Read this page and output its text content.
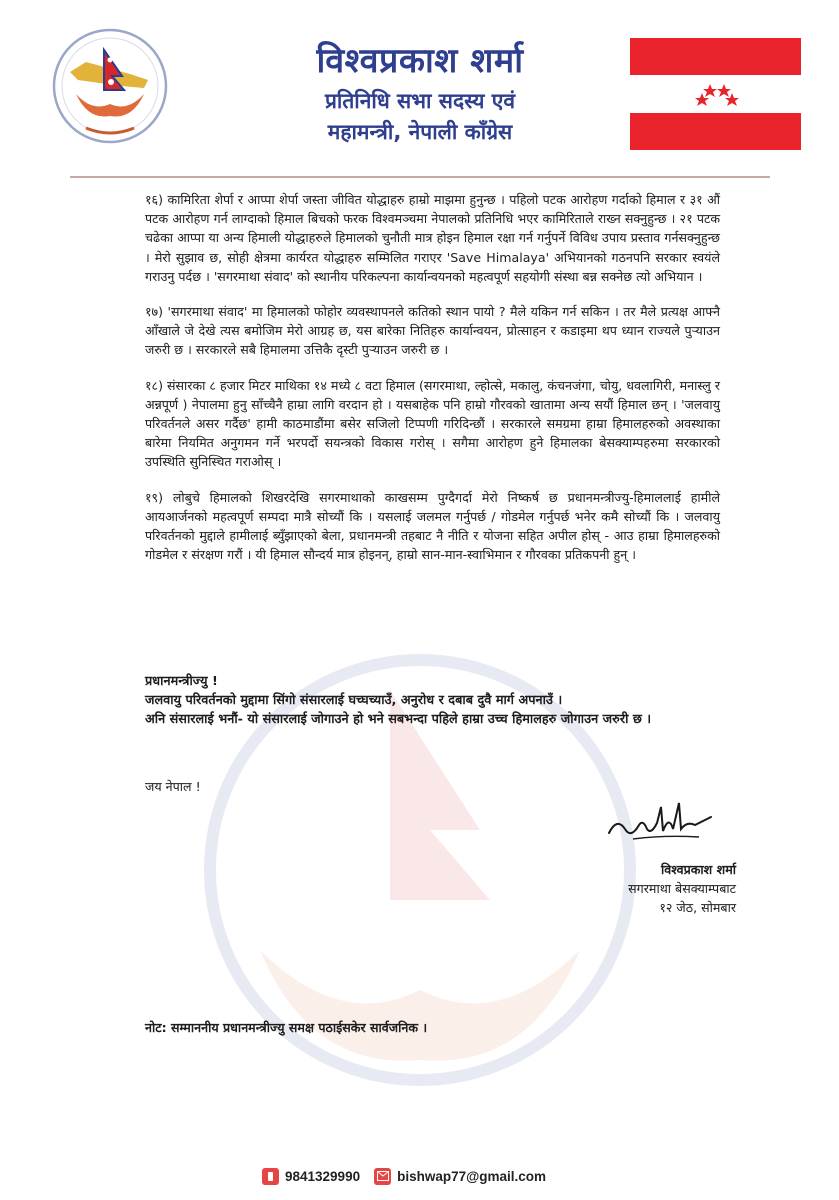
विश्वप्रकाश शर्मा
प्रतिनिधि सभा सदस्य एवं
महामन्त्री, नेपाली काँग्रेस

१६) कामिरिता शेर्पा र आप्पा शेर्पा जस्ता जीवित योद्धाहरु हाम्रो माझमा हुनुन्छ । पहिलो पटक आरोहण गर्दाको हिमाल र ३१ औं पटक आरोहण गर्न लाग्दाको हिमाल बिचको फरक विश्वमञ्चमा नेपालको प्रतिनिधि भएर कामिरिताले राख्न सक्नुहुन्छ । २१ पटक चढेका आप्पा या अन्य हिमाली योद्धाहरुले हिमालको चुनौती मात्र होइन हिमाल रक्षा गर्न गर्नुपर्ने विविध उपाय प्रस्ताव गर्नसक्नुहुन्छ । मेरो सुझाव छ, सोही क्षेत्रमा कार्यरत योद्धाहरु सम्मिलित गराएर 'Save Himalaya' अभियानको गठनपनि सरकार स्वयंले गराउनु पर्दछ । 'सगरमाथा संवाद' को स्थानीय परिकल्पना कार्यान्वयनको महत्वपूर्ण सहयोगी संस्था बन्न सक्नेछ त्यो अभियान ।

१७) 'सगरमाथा संवाद' मा हिमालको फोहोर व्यवस्थापनले कतिको स्थान पायो ? मैले यकिन गर्न सकिन । तर मैले प्रत्यक्ष आफ्नै आँखाले जे देखे त्यस बमोजिम मेरो आग्रह छ, यस बारेका नितिहरु कार्यान्वयन, प्रोत्साहन र कडाइमा थप ध्यान राज्यले पुऱ्याउन जरुरी छ । सरकारले सबै हिमालमा उत्तिकै दृस्टी पुऱ्याउन जरुरी छ ।

१८) संसारका ८ हजार मिटर माथिका १४ मध्ये ८ वटा हिमाल (सगरमाथा, ल्होत्से, मकालु, कंचनजंगा, चोयु, धवलागिरी, मनास्लु र अन्नपूर्ण ) नेपालमा हुनु साँच्चैनै हाम्रा लागि वरदान हो । यसबाहेक पनि हाम्रो गौरवको खातामा अन्य सयौं हिमाल छन् । 'जलवायु परिवर्तनले असर गर्दैछ' हामी काठमाडौंमा बसेर सजिलो टिप्पणी गरिदिन्छौं । सरकारले समग्रमा हाम्रा हिमालहरुको अवस्थाका बारेमा नियमित अनुगमन गर्ने भरपर्दो सयन्त्रको विकास गरोस् । सगैमा आरोहण हुने हिमालका बेसक्याम्पहरुमा सरकारको उपस्थिति सुनिस्चित गराओस् ।

१९) लोबुचे हिमालको शिखरदेखि सगरमाथाको काखसम्म पुग्दैगर्दा मेरो निष्कर्ष छ प्रधानमन्त्रीज्यु-हिमाललाई हामीले आयआर्जनको महत्वपूर्ण सम्पदा मात्रै सोच्यौं कि । यसलाई जलमल गर्नुपर्छ / गोडमेल गर्नुपर्छ भनेर कमै सोच्यौं कि । जलवायु परिवर्तनको मुद्दाले हामीलाई ब्युँझाएको बेला, प्रधानमन्त्री तहबाट नै नीति र योजना सहित अपील होस् - आउ हाम्रा हिमालहरुको गोडमेल र संरक्षण गरौं । यी हिमाल सौन्दर्य मात्र होइनन्, हाम्रो सान-मान-स्वाभिमान र गौरवका प्रतिकपनी हुन् ।

प्रधानमन्त्रीज्यु !
जलवायु परिवर्तनको मुद्दामा सिंगो संसारलाई घच्घच्याउँ, अनुरोध र दबाब दुवै मार्ग अपनाउँ ।
अनि संसारलाई भनौं- यो संसारलाई जोगाउने हो भने सबभन्दा पहिले हाम्रा उच्च हिमालहरु जोगाउन जरुरी छ ।
जय नेपाल !
विश्वप्रकाश शर्मा
सगरमाथा बेसक्याम्पबाट
१२ जेठ, सोमबार
नोट: सम्माननीय प्रधानमन्त्रीज्यु समक्ष पठाईसकेर सार्वजनिक ।
9841329990	bishwap77@gmail.com
